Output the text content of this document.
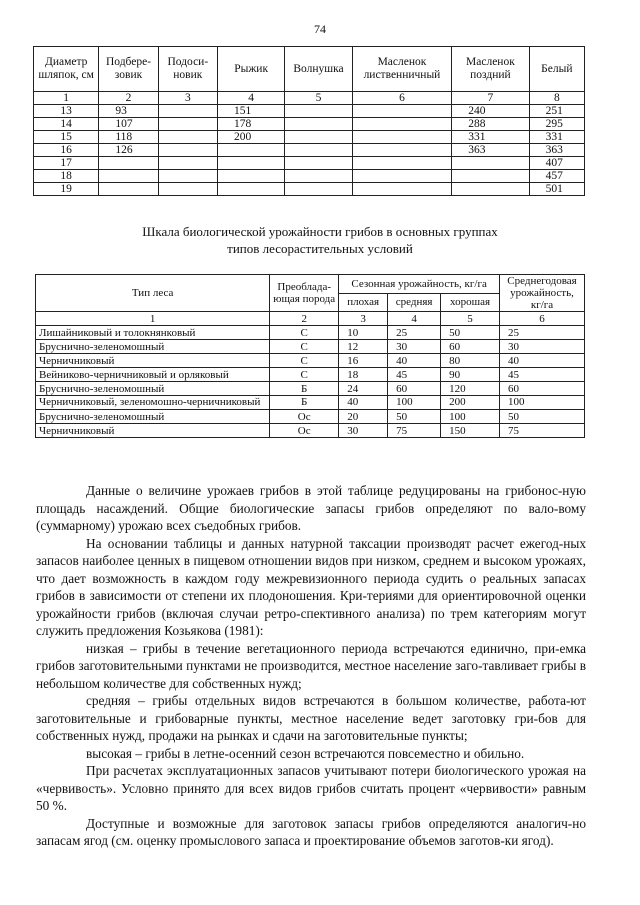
74
Диаметр шляпок, см	Подбере-зовик	Подоси-новик	Рыжик	Волнушка	Масленок лиственничный	Масленок поздний	Белый
1	2	3	4	5	6	7	8
13	93		151			240	251
14	107		178			288	295
15	118		200			331	331
16	126					363	363
17							407
18							457
19							501
Шкала биологической урожайности грибов в основных группах
типов лесорастительных условий
Тип леса	Преоблада-ющая порода	Сезонная урожайность, кг/га			Среднегодовая урожайность, кг/га
		плохая	средняя	хорошая	
1	2	3	4	5	6
Лишайниковый и толокнянковый	С	10	25	50	25
Бруснично-зеленомошный	С	12	30	60	30
Черничниковый	С	16	40	80	40
Вейниково-черничниковый и орляковый	С	18	45	90	45
Бруснично-зеленомошный	Б	24	60	120	60
Черничниковый, зеленомошно-черничниковый	Б	40	100	200	100
Бруснично-зеленомошный	Ос	20	50	100	50
Черничниковый	Ос	30	75	150	75

Данные о величине урожаев грибов в этой таблице редуцированы на грибонос-ную площадь насаждений. Общие биологические запасы грибов определяют по вало-вому (суммарному) урожаю всех съедобных грибов.

На основании таблицы и данных натурной таксации производят расчет ежегод-ных запасов наиболее ценных в пищевом отношении видов при низком, среднем и высоком урожаях, что дает возможность в каждом году межревизионного периода судить о реальных запасах грибов в зависимости от степени их плодоношения. Кри-териями для ориентировочной оценки урожайности грибов (включая случаи ретро-спективного анализа) по трем категориям могут служить предложения Козьякова (1981):

низкая – грибы в течение вегетационного периода встречаются единично, при-емка грибов заготовительными пунктами не производится, местное население заго-тавливает грибы в небольшом количестве для собственных нужд;

средняя – грибы отдельных видов встречаются в большом количестве, работа-ют заготовительные и грибоварные пункты, местное население ведет заготовку гри-бов для собственных нужд, продажи на рынках и сдачи на заготовительные пункты;

высокая – грибы в летне-осенний сезон встречаются повсеместно и обильно.

При расчетах эксплуатационных запасов учитывают потери биологического урожая на «червивость». Условно принято для всех видов грибов считать процент «червивости» равным 50 %.

Доступные и возможные для заготовок запасы грибов определяются аналогич-но запасам ягод (см. оценку промыслового запаса и проектирование объемов заготов-ки ягод).
